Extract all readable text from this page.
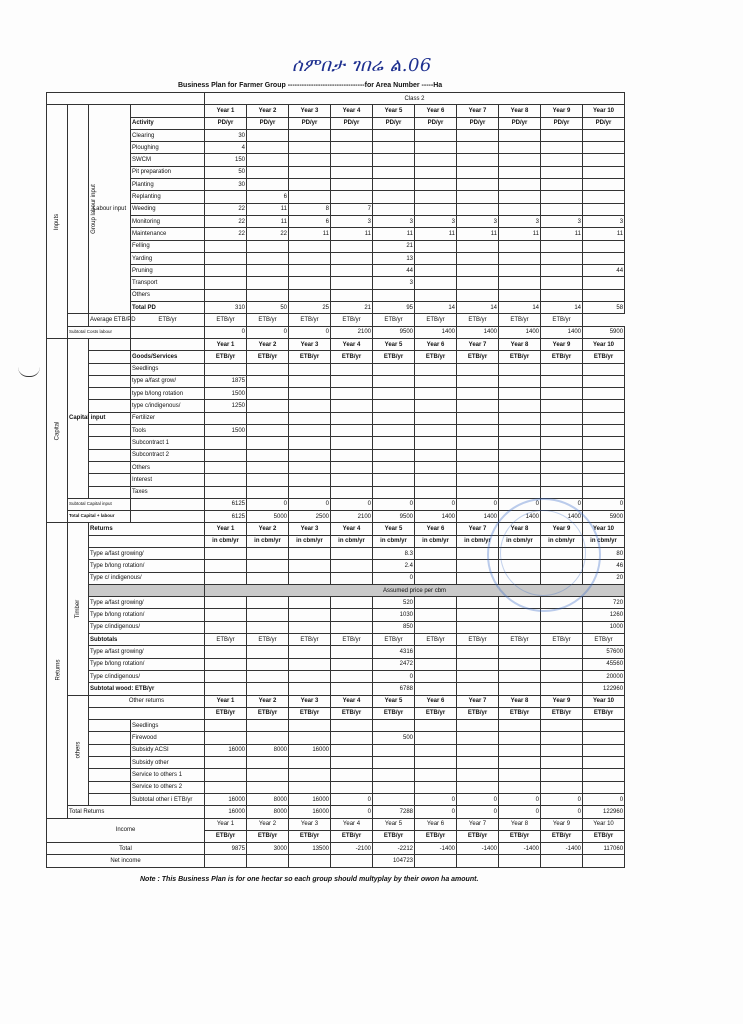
ሰምበታ ገበሬ ል.06
Business Plan for Farmer Group ---------------------------------for Area Number -----Ha
				Class 2									
Inputs	Group labour input	Labour input		Year 1	Year 2	Year 3	Year 4	Year 5	Year 6	Year 7	Year 8	Year 9	Year 10
			Activity	PD/yr	PD/yr	PD/yr	PD/yr	PD/yr	PD/yr	PD/yr	PD/yr	PD/yr	PD/yr
			Clearing	30									
			Ploughing	4									
			SWCM	150									
			Pit preparation	50									
			Planting	30									
			Replanting		6								
			Weeding	22	11	8	7						
			Monitoring	22	11	6	3	3	3	3	3	3	3
			Maintenance	22	22	11	11	11	11	11	11	11	11
			Felling					21					
			Yarding					13					
			Pruning					44					44
			Transport					3					
			Others										
			Total PD	310	50	25	21	95	14	14	14	14	58
		Average ETB/PD	ETB/yr	ETB/yr	ETB/yr	ETB/yr	ETB/yr	ETB/yr	ETB/yr	ETB/yr	ETB/yr	ETB/yr	
	Subtotal Costs labour			0	0	0	2100	9500	1400	1400	1400	1400	5900
Capital	Capital input			Year 1	Year 2	Year 3	Year 4	Year 5	Year 6	Year 7	Year 8	Year 9	Year 10
			Goods/Services	ETB/yr	ETB/yr	ETB/yr	ETB/yr	ETB/yr	ETB/yr	ETB/yr	ETB/yr	ETB/yr	ETB/yr
			Seedlings										
			type a/fast grow/	1875									
			type b/long rotation	1500									
			type c/indigenous/	1250									
			Fertilizer										
			Tools	1500									
			Subcontract 1										
			Subcontract 2										
			Others										
			Interest										
			Taxes										
	Subtotal Capital input			6125	0	0	0	0	0	0	0	0	0
	Total Capital + labour			6125	5000	2500	2100	9500	1400	1400	1400	1400	5900
Returns	Timber	Returns		Year 1	Year 2	Year 3	Year 4	Year 5	Year 6	Year 7	Year 8	Year 9	Year 10
				in cbm/yr	in cbm/yr	in cbm/yr	in cbm/yr	in cbm/yr	in cbm/yr	in cbm/yr	in cbm/yr	in cbm/yr	in cbm/yr
		Type a/fast growing/						8.3					80
		Type b/long rotation/						2.4					46
		Type c/ indigenous/						0					20
				Assumed price per cbm									
		Type a/fast growing/						520					720
		Type b/long rotation/						1030					1260
		Type c/indigenous/						850					1000
		Subtotals		ETB/yr	ETB/yr	ETB/yr	ETB/yr	ETB/yr	ETB/yr	ETB/yr	ETB/yr	ETB/yr	ETB/yr
		Type a/fast growing/						4316					57600
		Type b/long rotation/						2472					45560
		Type c/indigenous/						0					20000
		Subtotal wood: ETB/yr						6788					122960
	others	Other returns		Year 1	Year 2	Year 3	Year 4	Year 5	Year 6	Year 7	Year 8	Year 9	Year 10
				ETB/yr	ETB/yr	ETB/yr	ETB/yr	ETB/yr	ETB/yr	ETB/yr	ETB/yr	ETB/yr	ETB/yr
			Seedlings										
			Firewood					500					
			Subsidy ACSI	16000	8000	16000							
			Subsidy other										
			Service to others 1										
			Service to others 2										
			Subtotal other i ETB/yr	16000	8000	16000	0		0	0	0	0	0
	Total Returns			16000	8000	16000	0	7288	0	0	0	0	122960
Income				Year 1	Year 2	Year 3	Year 4	Year 5	Year 6	Year 7	Year 8	Year 9	Year 10
				ETB/yr	ETB/yr	ETB/yr	ETB/yr	ETB/yr	ETB/yr	ETB/yr	ETB/yr	ETB/yr	ETB/yr
Total				9875	3000	13500	-2100	-2212	-1400	-1400	-1400	-1400	117060
Net income								104723					
Note : This Business Plan is for one hectar so each group should multyplay by their owon ha amount.
